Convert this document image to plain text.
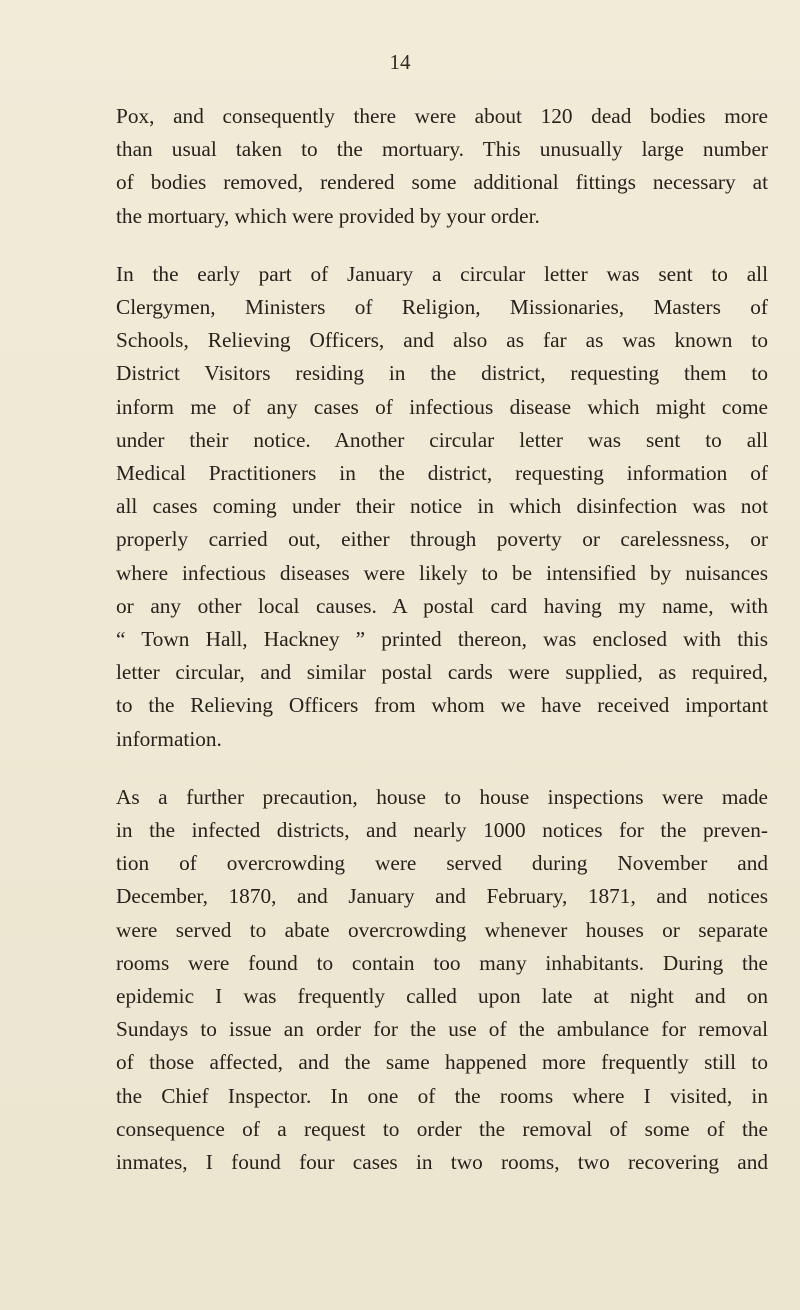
14
Pox, and consequently there were about 120 dead bodies more
than usual taken to the mortuary. This unusually large number
of bodies removed, rendered some additional fittings necessary at
the mortuary, which were provided by your order.
In the early part of January a circular letter was sent to all
Clergymen, Ministers of Religion, Missionaries, Masters of
Schools, Relieving Officers, and also as far as was known to
District Visitors residing in the district, requesting them to
inform me of any cases of infectious disease which might come
under their notice. Another circular letter was sent to all
Medical Practitioners in the district, requesting information of
all cases coming under their notice in which disinfection was not
properly carried out, either through poverty or carelessness, or
where infectious diseases were likely to be intensified by nuisances
or any other local causes. A postal card having my name, with
“ Town Hall, Hackney ” printed thereon, was enclosed with this
letter circular, and similar postal cards were supplied, as required,
to the Relieving Officers from whom we have received important
information.
As a further precaution, house to house inspections were made
in the infected districts, and nearly 1000 notices for the preven-
tion of overcrowding were served during November and
December, 1870, and January and February, 1871, and notices
were served to abate overcrowding whenever houses or separate
rooms were found to contain too many inhabitants. During the
epidemic I was frequently called upon late at night and on
Sundays to issue an order for the use of the ambulance for removal
of those affected, and the same happened more frequently still to
the Chief Inspector. In one of the rooms where I visited, in
consequence of a request to order the removal of some of the
inmates, I found four cases in two rooms, two recovering and
